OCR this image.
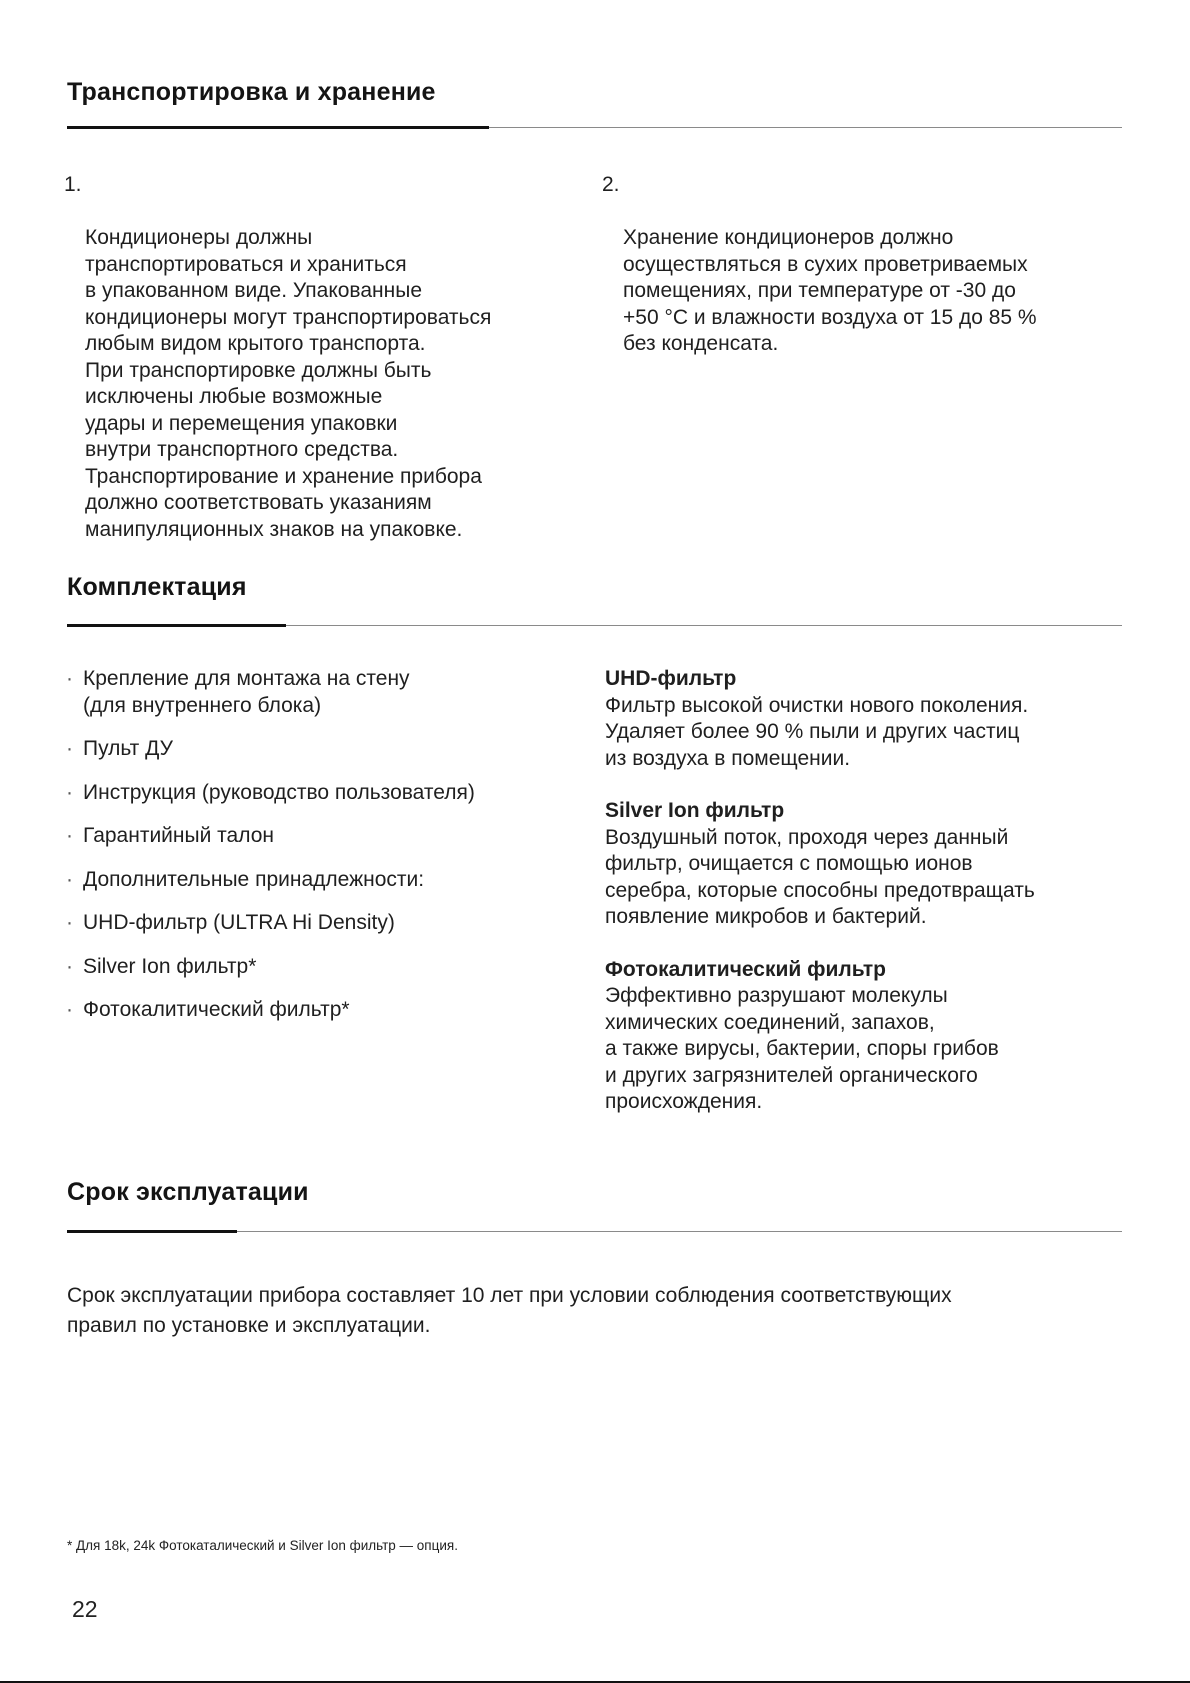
Транспортировка и хранение

1.

Кондиционеры должны
транспортироваться и храниться
в упакованном виде. Упакованные
кондиционеры могут транспортироваться
любым видом крытого транспорта.
При транспортировке должны быть
исключены любые возможные
удары и перемещения упаковки
внутри транспортного средства.
Транспортирование и хранение прибора
должно соответствовать указаниям
манипуляционных знаков на упаковке.

2.

Хранение кондиционеров должно
осуществляться в сухих проветриваемых
помещениях, при температуре от -30 до
+50 °С и влажности воздуха от 15 до 85 %
без конденсата.

Комплектация
· Крепление для монтажа на стену
(для внутреннего блока)
· Пульт ДУ
· Инструкция (руководство пользователя)
· Гарантийный талон
· Дополнительные принадлежности:
· UHD-фильтр (ULTRA Hi Density)
· Silver Ion фильтр*
· Фотокалитический фильтр*
UHD-фильтр
Фильтр высокой очистки нового поколения.
Удаляет более 90 % пыли и других частиц
из воздуха в помещении.
Silver Ion фильтр
Воздушный поток, проходя через данный
фильтр, очищается с помощью ионов
серебра, которые способны предотвращать
появление микробов и бактерий.
Фотокалитический фильтр
Эффективно разрушают молекулы
химических соединений, запахов,
а также вирусы, бактерии, споры грибов
и других загрязнителей органического
происхождения.
Срок эксплуатации
Срок эксплуатации прибора составляет 10 лет при условии соблюдения соответствующих
правил по установке и эксплуатации.
* Для 18k, 24k Фотокаталический и Silver Ion фильтр — опция.
22
